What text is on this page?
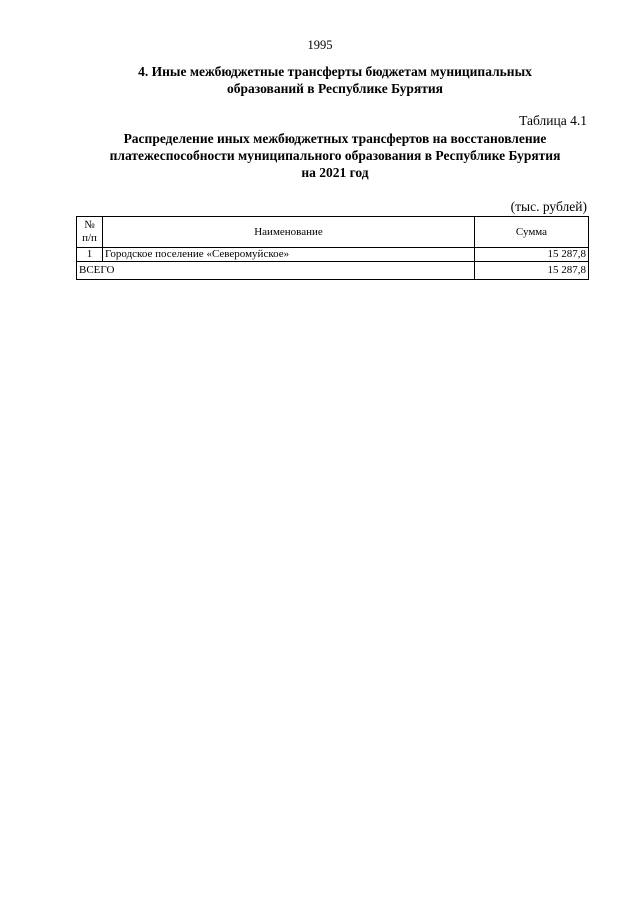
1995
4. Иные межбюджетные трансферты бюджетам муниципальных
образований в Республике Бурятия
Таблица 4.1
Распределение иных межбюджетных трансфертов на восстановление
платежеспособности муниципального образования в Республике Бурятия
на 2021 год
(тыс. рублей)
№
п/п	Наименование	Сумма
1	Городское поселение «Северомуйское»	15 287,8
ВСЕГО		15 287,8
